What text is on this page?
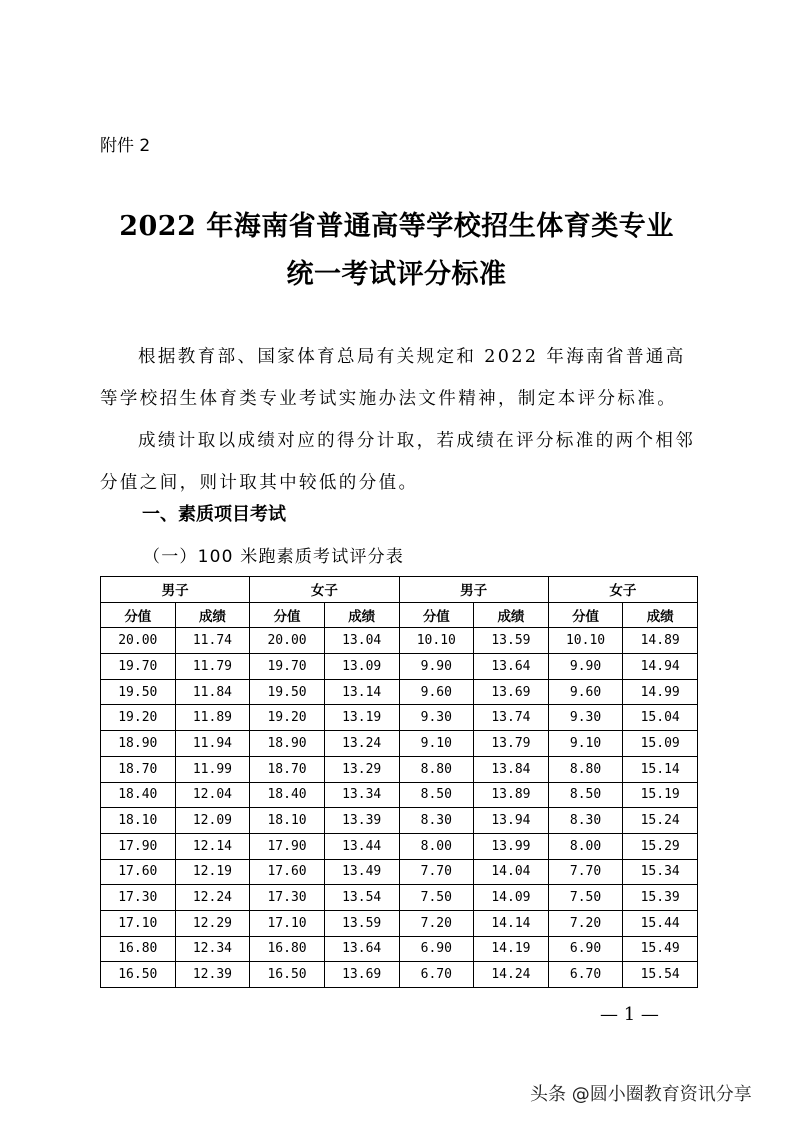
附件 2
2022 年海南省普通高等学校招生体育类专业
统一考试评分标准
根据教育部、国家体育总局有关规定和 2022 年海南省普通高等学校招生体育类专业考试实施办法文件精神，制定本评分标准。
成绩计取以成绩对应的得分计取，若成绩在评分标准的两个相邻分值之间，则计取其中较低的分值。
一、素质项目考试
（一）100 米跑素质考试评分表
男子		女子		男子		女子	
分值	成绩	分值	成绩	分值	成绩	分值	成绩
20.00	11.74	20.00	13.04	10.10	13.59	10.10	14.89
19.70	11.79	19.70	13.09	9.90	13.64	9.90	14.94
19.50	11.84	19.50	13.14	9.60	13.69	9.60	14.99
19.20	11.89	19.20	13.19	9.30	13.74	9.30	15.04
18.90	11.94	18.90	13.24	9.10	13.79	9.10	15.09
18.70	11.99	18.70	13.29	8.80	13.84	8.80	15.14
18.40	12.04	18.40	13.34	8.50	13.89	8.50	15.19
18.10	12.09	18.10	13.39	8.30	13.94	8.30	15.24
17.90	12.14	17.90	13.44	8.00	13.99	8.00	15.29
17.60	12.19	17.60	13.49	7.70	14.04	7.70	15.34
17.30	12.24	17.30	13.54	7.50	14.09	7.50	15.39
17.10	12.29	17.10	13.59	7.20	14.14	7.20	15.44
16.80	12.34	16.80	13.64	6.90	14.19	6.90	15.49
16.50	12.39	16.50	13.69	6.70	14.24	6.70	15.54
— 1 —
头条 @圆小圈教育资讯分享
